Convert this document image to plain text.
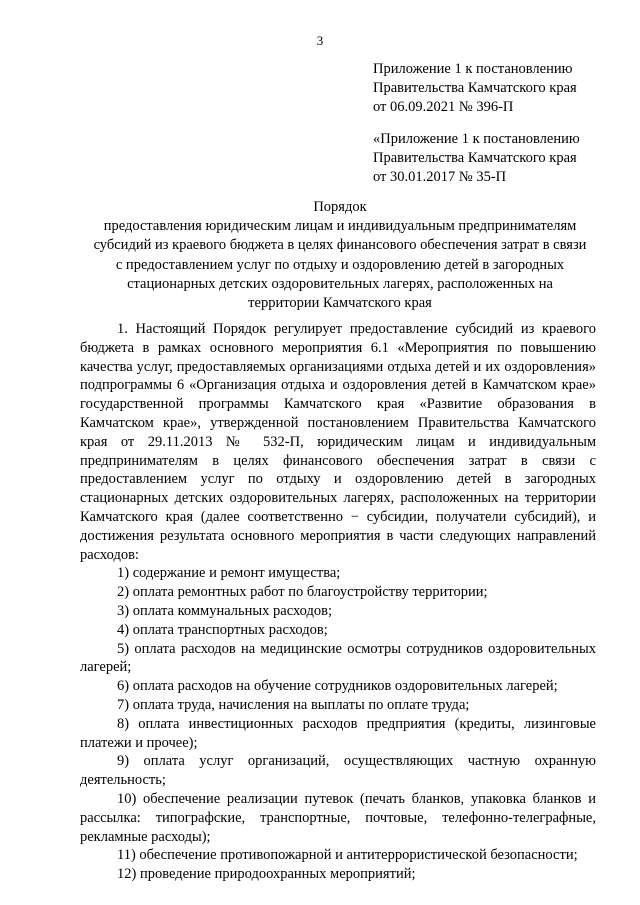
3
Приложение 1 к постановлению
Правительства Камчатского края
от 06.09.2021 № 396-П
«Приложение 1 к постановлению
Правительства Камчатского края
от 30.01.2017 № 35-П
Порядок
предоставления юридическим лицам и индивидуальным предпринимателям
субсидий из краевого бюджета в целях финансового обеспечения затрат в связи
с предоставлением услуг по отдыху и оздоровлению детей в загородных
стационарных детских оздоровительных лагерях, расположенных на
территории Камчатского края

1. Настоящий Порядок регулирует предоставление субсидий из краевого бюджета в рамках основного мероприятия 6.1 «Мероприятия по повышению качества услуг, предоставляемых организациями отдыха детей и их оздоровления» подпрограммы 6 «Организация отдыха и оздоровления детей в Камчатском крае» государственной программы Камчатского края «Развитие образования в Камчатском крае», утвержденной постановлением Правительства Камчатского края от 29.11.2013 № 532-П, юридическим лицам и индивидуальным предпринимателям в целях финансового обеспечения затрат в связи с предоставлением услуг по отдыху и оздоровлению детей в загородных стационарных детских оздоровительных лагерях, расположенных на территории Камчатского края (далее соответственно − субсидии, получатели субсидий), и достижения результата основного мероприятия в части следующих направлений расходов:

1) содержание и ремонт имущества;

2) оплата ремонтных работ по благоустройству территории;

3) оплата коммунальных расходов;

4) оплата транспортных расходов;

5) оплата расходов на медицинские осмотры сотрудников оздоровительных лагерей;

6) оплата расходов на обучение сотрудников оздоровительных лагерей;

7) оплата труда, начисления на выплаты по оплате труда;

8) оплата инвестиционных расходов предприятия (кредиты, лизинговые платежи и прочее);

9) оплата услуг организаций, осуществляющих частную охранную деятельность;

10) обеспечение реализации путевок (печать бланков, упаковка бланков и рассылка: типографские, транспортные, почтовые, телефонно-телеграфные, рекламные расходы);

11) обеспечение противопожарной и антитеррористической безопасности;

12) проведение природоохранных мероприятий;
